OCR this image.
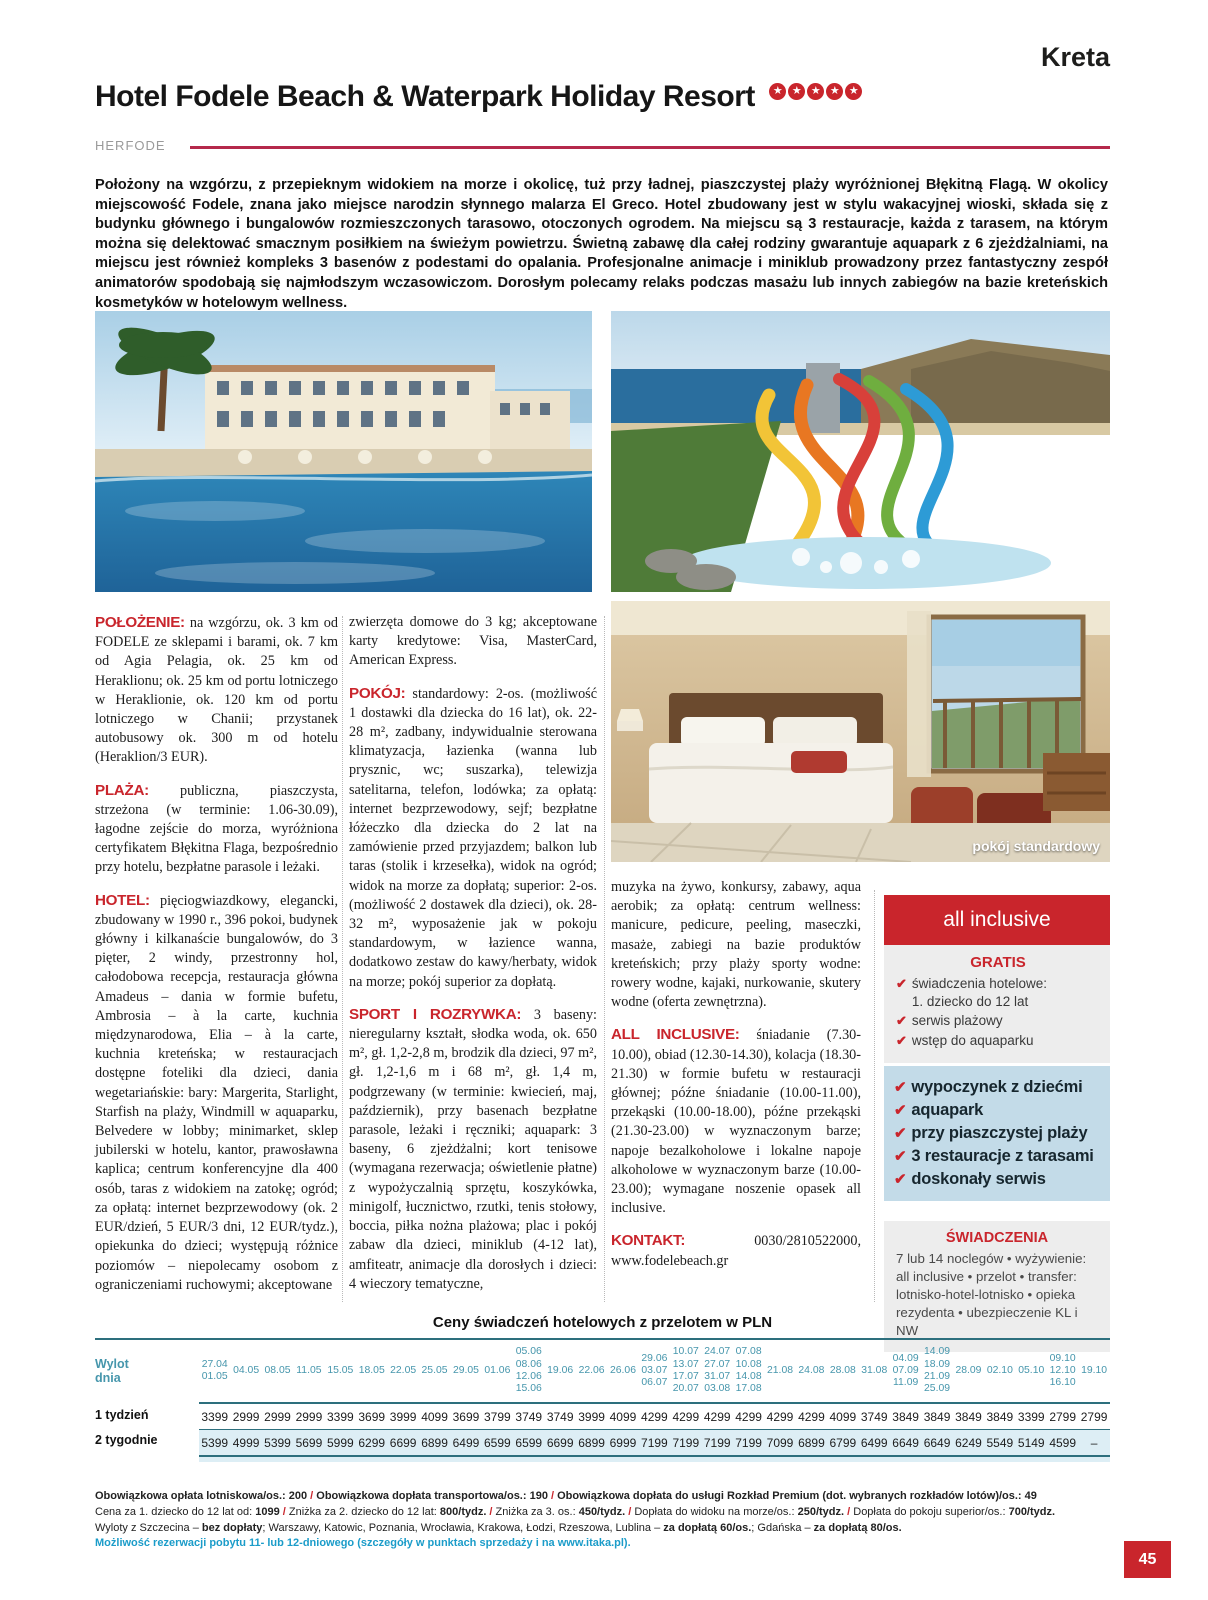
Kreta
Hotel Fodele Beach & Waterpark Holiday Resort ★ ★ ★ ★ ★
HERFODE
Położony na wzgórzu, z przepieknym widokiem na morze i okolicę, tuż przy ładnej, piaszczystej plaży wyróżnionej Błękitną Flagą. W okolicy miejscowość Fodele, znana jako miejsce narodzin słynnego malarza El Greco. Hotel zbudowany jest w stylu wakacyjnej wioski, składa się z budynku głównego i bungalowów rozmieszczonych tarasowo, otoczonych ogrodem. Na miejscu są 3 restauracje, każda z tarasem, na którym można się delektować smacznym posiłkiem na świeżym powietrzu. Świetną zabawę dla całej rodziny gwarantuje aquapark z 6 zjeżdżalniami, na miejscu jest również kompleks 3 basenów z podestami do opalania. Profesjonalne animacje i miniklub prowadzony przez fantastyczny zespół animatorów spodobają się najmłodszym wczasowiczom. Dorosłym polecamy relaks podczas masażu lub innych zabiegów na bazie kreteńskich kosmetyków w hotelowym wellness.
pokój standardowy
POŁOŻENIE: na wzgórzu, ok. 3 km od FODELE ze sklepami i barami, ok. 7 km od Agia Pelagia, ok. 25 km od Heraklionu; ok. 25 km od portu lotniczego w Heraklionie, ok. 120 km od portu lotniczego w Chanii; przystanek autobusowy ok. 300 m od hotelu (Heraklion/3 EUR).
PLAŻA: publiczna, piaszczysta, strzeżona (w terminie: 1.06-30.09), łagodne zejście do morza, wyróżniona certyfikatem Błękitna Flaga, bezpośrednio przy hotelu, bezpłatne parasole i leżaki.
HOTEL: pięciogwiazdkowy, elegancki, zbudowany w 1990 r., 396 pokoi, budynek główny i kilkanaście bungalowów, do 3 pięter, 2 windy, przestronny hol, całodobowa recepcja, restauracja główna Amadeus – dania w formie bufetu, Ambrosia – à la carte, kuchnia międzynarodowa, Elia – à la carte, kuchnia kreteńska; w restauracjach dostępne foteliki dla dzieci, dania wegetariańskie: bary: Margerita, Starlight, Starfish na plaży, Windmill w aquaparku, Belvedere w lobby; minimarket, sklep jubilerski w hotelu, kantor, prawosławna kaplica; centrum konferencyjne dla 400 osób, taras z widokiem na zatokę; ogród; za opłatą: internet bezprzewodowy (ok. 2 EUR/dzień, 5 EUR/3 dni, 12 EUR/tydz.), opiekunka do dzieci; występują różnice poziomów – niepolecamy osobom z ograniczeniami ruchowymi; akceptowane
zwierzęta domowe do 3 kg; akceptowane karty kredytowe: Visa, MasterCard, American Express.
POKÓJ: standardowy: 2-os. (możliwość 1 dostawki dla dziecka do 16 lat), ok. 22-28 m², zadbany, indywidualnie sterowana klimatyzacja, łazienka (wanna lub prysznic, wc; suszarka), telewizja satelitarna, telefon, lodówka; za opłatą: internet bezprzewodowy, sejf; bezpłatne łóżeczko dla dziecka do 2 lat na zamówienie przed przyjazdem; balkon lub taras (stolik i krzesełka), widok na ogród; widok na morze za dopłatą; superior: 2-os. (możliwość 2 dostawek dla dzieci), ok. 28-32 m², wyposażenie jak w pokoju standardowym, w łazience wanna, dodatkowo zestaw do kawy/herbaty, widok na morze; pokój superior za dopłatą.
SPORT I ROZRYWKA: 3 baseny: nieregularny kształt, słodka woda, ok. 650 m², gł. 1,2-2,8 m, brodzik dla dzieci, 97 m², gł. 1,2-1,6 m i 68 m², gł. 1,4 m, podgrzewany (w terminie: kwiecień, maj, październik), przy basenach bezpłatne parasole, leżaki i ręczniki; aquapark: 3 baseny, 6 zjeżdżalni; kort tenisowe (wymagana rezerwacja; oświetlenie płatne) z wypożyczalnią sprzętu, koszykówka, minigolf, łucznictwo, rzutki, tenis stołowy, boccia, piłka nożna plażowa; plac i pokój zabaw dla dzieci, miniklub (4-12 lat), amfiteatr, animacje dla dorosłych i dzieci: 4 wieczory tematyczne,
muzyka na żywo, konkursy, zabawy, aqua aerobik; za opłatą: centrum wellness: manicure, pedicure, peeling, maseczki, masaże, zabiegi na bazie produktów kreteńskich; przy plaży sporty wodne: rowery wodne, kajaki, nurkowanie, skutery wodne (oferta zewnętrzna).
ALL INCLUSIVE: śniadanie (7.30-10.00), obiad (12.30-14.30), kolacja (18.30-21.30) w formie bufetu w restauracji głównej; późne śniadanie (10.00-11.00), przekąski (10.00-18.00), późne przekąski (21.30-23.00) w wyznaczonym barze; napoje bezalkoholowe i lokalne napoje alkoholowe w wyznaczonym barze (10.00-23.00); wymagane noszenie opasek all inclusive.
KONTAKT: 0030/2810522000, www.fodelebeach.gr
all inclusive
GRATIS
✔ świadczenia hotelowe:
1. dziecko do 12 lat
✔ serwis plażowy
✔ wstęp do aquaparku
✔ wypoczynek z dziećmi
✔ aquapark
✔ przy piaszczystej plaży
✔ 3 restauracje z tarasami
✔ doskonały serwis
ŚWIADCZENIA
7 lub 14 noclegów • wyżywienie: all inclusive • przelot • transfer: lotnisko-hotel-lotnisko • opieka rezydenta • ubezpieczenie KL i NW
Ceny świadczeń hotelowych z przelotem w PLN
Wylot dnia
1 tydzień
2 tygodnie
27.04
01.05
3399
5399
04.05
2999
4999
08.05
2999
5399
11.05
2999
5699
15.05
3399
5999
18.05
3699
6299
22.05
3999
6699
25.05
4099
6899
29.05
3699
6499
01.06
3799
6599
05.06
08.06
12.06
15.06
3749
6599
19.06
3749
6699
22.06
3999
6899
26.06
4099
6999
29.06
03.07
06.07
4299
7199
10.07
13.07
17.07
20.07
4299
7199
24.07
27.07
31.07
03.08
4299
7199
07.08
10.08
14.08
17.08
4299
7199
21.08
4299
7099
24.08
4299
6899
28.08
4099
6799
31.08
3749
6499
04.09
07.09
11.09
3849
6649
14.09
18.09
21.09
25.09
3849
6649
28.09
3849
6249
02.10
3849
5549
05.10
3399
5149
09.10
12.10
16.10
2799
4599
19.10
2799
–
Obowiązkowa opłata lotniskowa/os.: 200 / Obowiązkowa dopłata transportowa/os.: 190 / Obowiązkowa dopłata do usługi Rozkład Premium (dot. wybranych rozkładów lotów)/os.: 49
Cena za 1. dziecko do 12 lat od: 1099 / Zniżka za 2. dziecko do 12 lat: 800/tydz. / Zniżka za 3. os.: 450/tydz. / Dopłata do widoku na morze/os.: 250/tydz. / Dopłata do pokoju superior/os.: 700/tydz.
Wyloty z Szczecina – bez dopłaty; Warszawy, Katowic, Poznania, Wrocławia, Krakowa, Łodzi, Rzeszowa, Lublina – za dopłatą 60/os.; Gdańska – za dopłatą 80/os.
Możliwość rezerwacji pobytu 11- lub 12-dniowego (szczegóły w punktach sprzedaży i na www.itaka.pl).
45
